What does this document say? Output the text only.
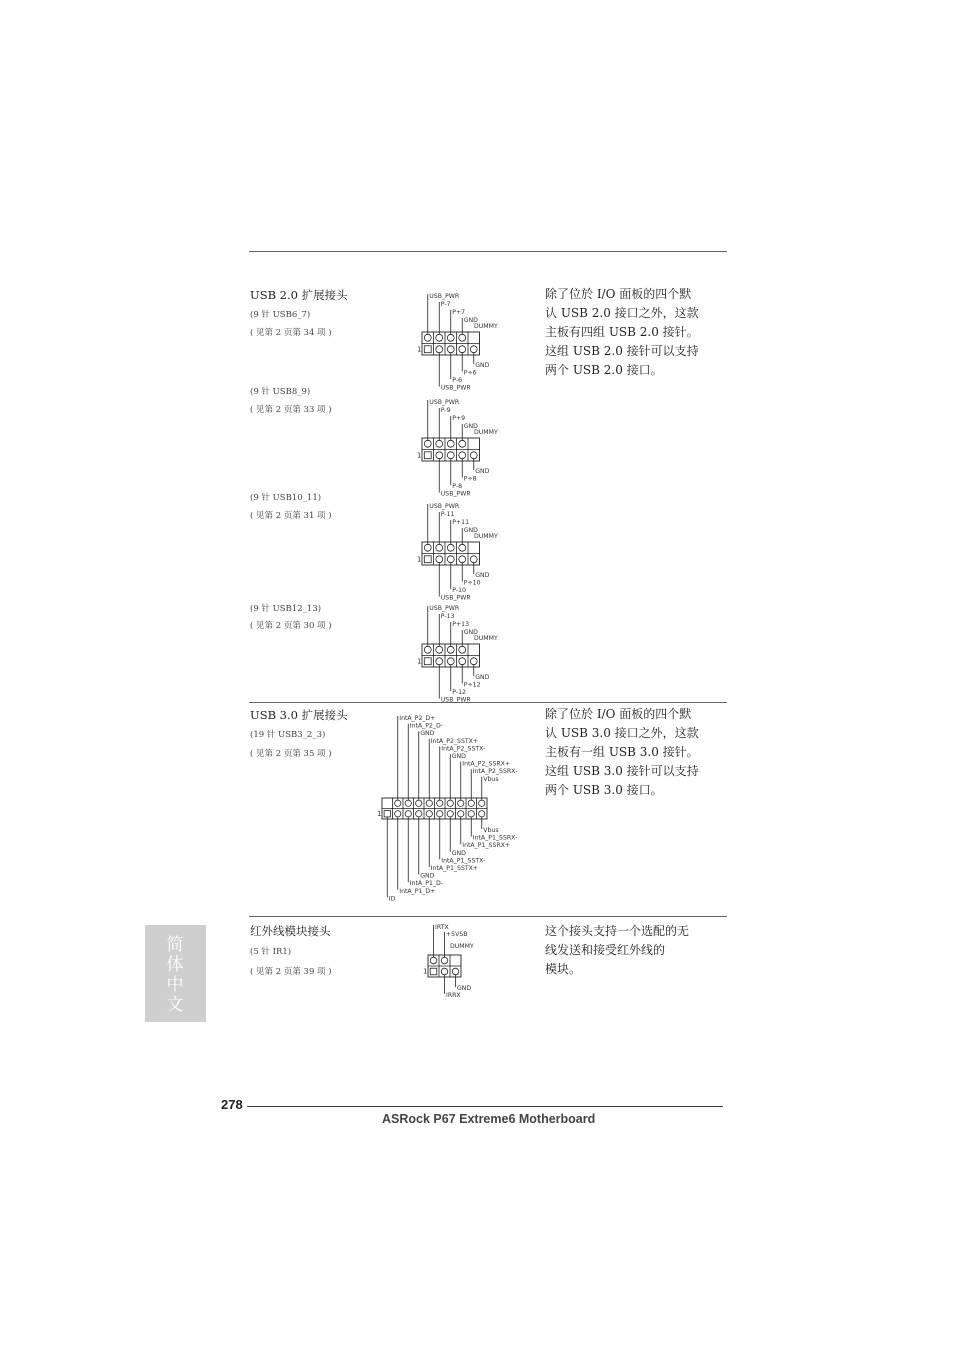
USB 2.0 扩展接头
(9 针 USB6_7)
( 见第 2 页第 34 项 )
(9 针 USB8_9)
( 见第 2 页第 33 项 )
(9 针 USB10_11)
( 见第 2 页第 31 项 )
(9 针 USB12_13)
( 见第 2 页第 30 项 )
除了位於 I/O 面板的四个默
认 USB 2.0 接口之外，这款
主板有四组 USB 2.0 接针。
这组 USB 2.0 接针可以支持
两个 USB 2.0 接口。
USB 3.0 扩展接头
(19 针 USB3_2_3)
( 见第 2 页第 35 项 )
除了位於 I/O 面板的四个默
认 USB 3.0 接口之外，这款
主板有一组 USB 3.0 接针。
这组 USB 3.0 接针可以支持
两个 USB 3.0 接口。
红外线模块接头
(5 针 IR1)
( 见第 2 页第 39 项 )
这个接头支持一个选配的无
线发送和接受红外线的
模块。
1
USB_PWR
P-7
P+7
GND
GND
P+6
P-6
USB_PWR
DUMMY
1
USB_PWR
P-9
P+9
GND
GND
P+8
P-8
USB_PWR
DUMMY
1
USB_PWR
P-11
P+11
GND
GND
P+10
P-10
USB_PWR
DUMMY
1
USB_PWR
P-13
P+13
GND
GND
P+12
P-12
USB_PWR
DUMMY
1
IntA_P2_D+
IntA_P2_D-
GND
IntA_P2_SSTX+
IntA_P2_SSTX-
GND
IntA_P2_SSRX+
IntA_P2_SSRX-
Vbus
Vbus
IntA_P1_SSRX-
IntA_P1_SSRX+
GND
IntA_P1_SSTX-
IntA_P1_SSTX+
GND
IntA_P1_D-
IntA_P1_D+
ID
1
IRTX
+5VSB
GND
IRRX
DUMMY
简体中文
278
ASRock P67 Extreme6 Motherboard
